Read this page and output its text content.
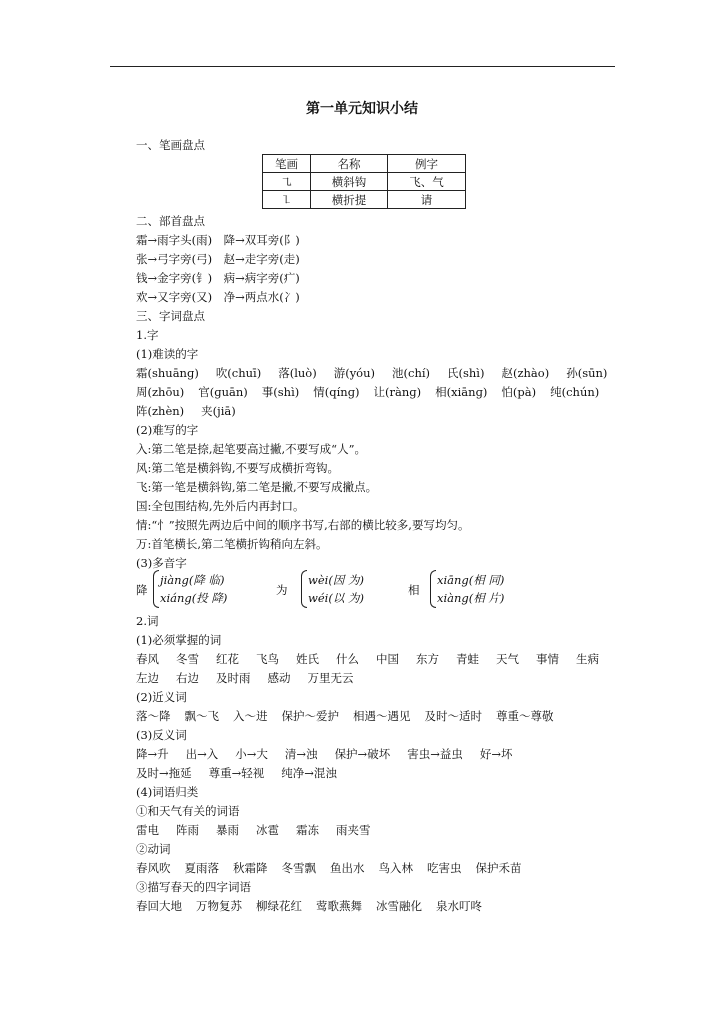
第一单元知识小结
一、笔画盘点
笔画	名称	例字
㇈	横斜钩	飞、气
㇅	横折提	请
二、部首盘点
霜→雨字头(雨)　降→双耳旁(阝)
张→弓字旁(弓)　赵→走字旁(走)
钱→金字旁(钅)　病→病字旁(疒)
欢→又字旁(又)　净→两点水(冫)
三、字词盘点
1.字
(1)难读的字
霜(shuānɡ) 吹(chuī) 落(luò) 游(yóu) 池(chí) 氏(shì) 赵(zhào) 孙(sūn)
周(zhōu) 官(ɡuān) 事(shì) 情(qínɡ) 让(rànɡ) 相(xiānɡ) 怕(pà) 纯(chún)
阵(zhèn) 夹(jiā)
(2)难写的字
入:第二笔是捺,起笔要高过撇,不要写成“人”。
风:第二笔是横斜钩,不要写成横折弯钩。
飞:第一笔是横斜钩,第二笔是撇,不要写成撇点。
国:全包围结构,先外后内再封口。
情:“忄”按照先两边后中间的顺序书写,右部的横比较多,要写均匀。
万:首笔横长,第二笔横折钩稍向左斜。
(3)多音字
降
jiàng(降 临)
xiáng(投 降)
为
wèi(因 为)
wéi(以 为)
相
xiāng(相 同)
xiàng(相 片)
2.词
(1)必须掌握的词
春风 冬雪 红花 飞鸟 姓氏 什么 中国 东方 青蛙 天气 事情 生病
左边 右边 及时雨 感动 万里无云
(2)近义词
落～降 飘～飞 入～进 保护～爱护 相遇～遇见 及时～适时 尊重～尊敬
(3)反义词
降→升 出→入 小→大 清→浊 保护→破坏 害虫→益虫 好→坏
及时→拖延 尊重→轻视 纯净→混浊
(4)词语归类
①和天气有关的词语
雷电 阵雨 暴雨 冰雹 霜冻 雨夹雪
②动词
春风吹 夏雨落 秋霜降 冬雪飘 鱼出水 鸟入林 吃害虫 保护禾苗
③描写春天的四字词语
春回大地 万物复苏 柳绿花红 莺歌燕舞 冰雪融化 泉水叮咚
